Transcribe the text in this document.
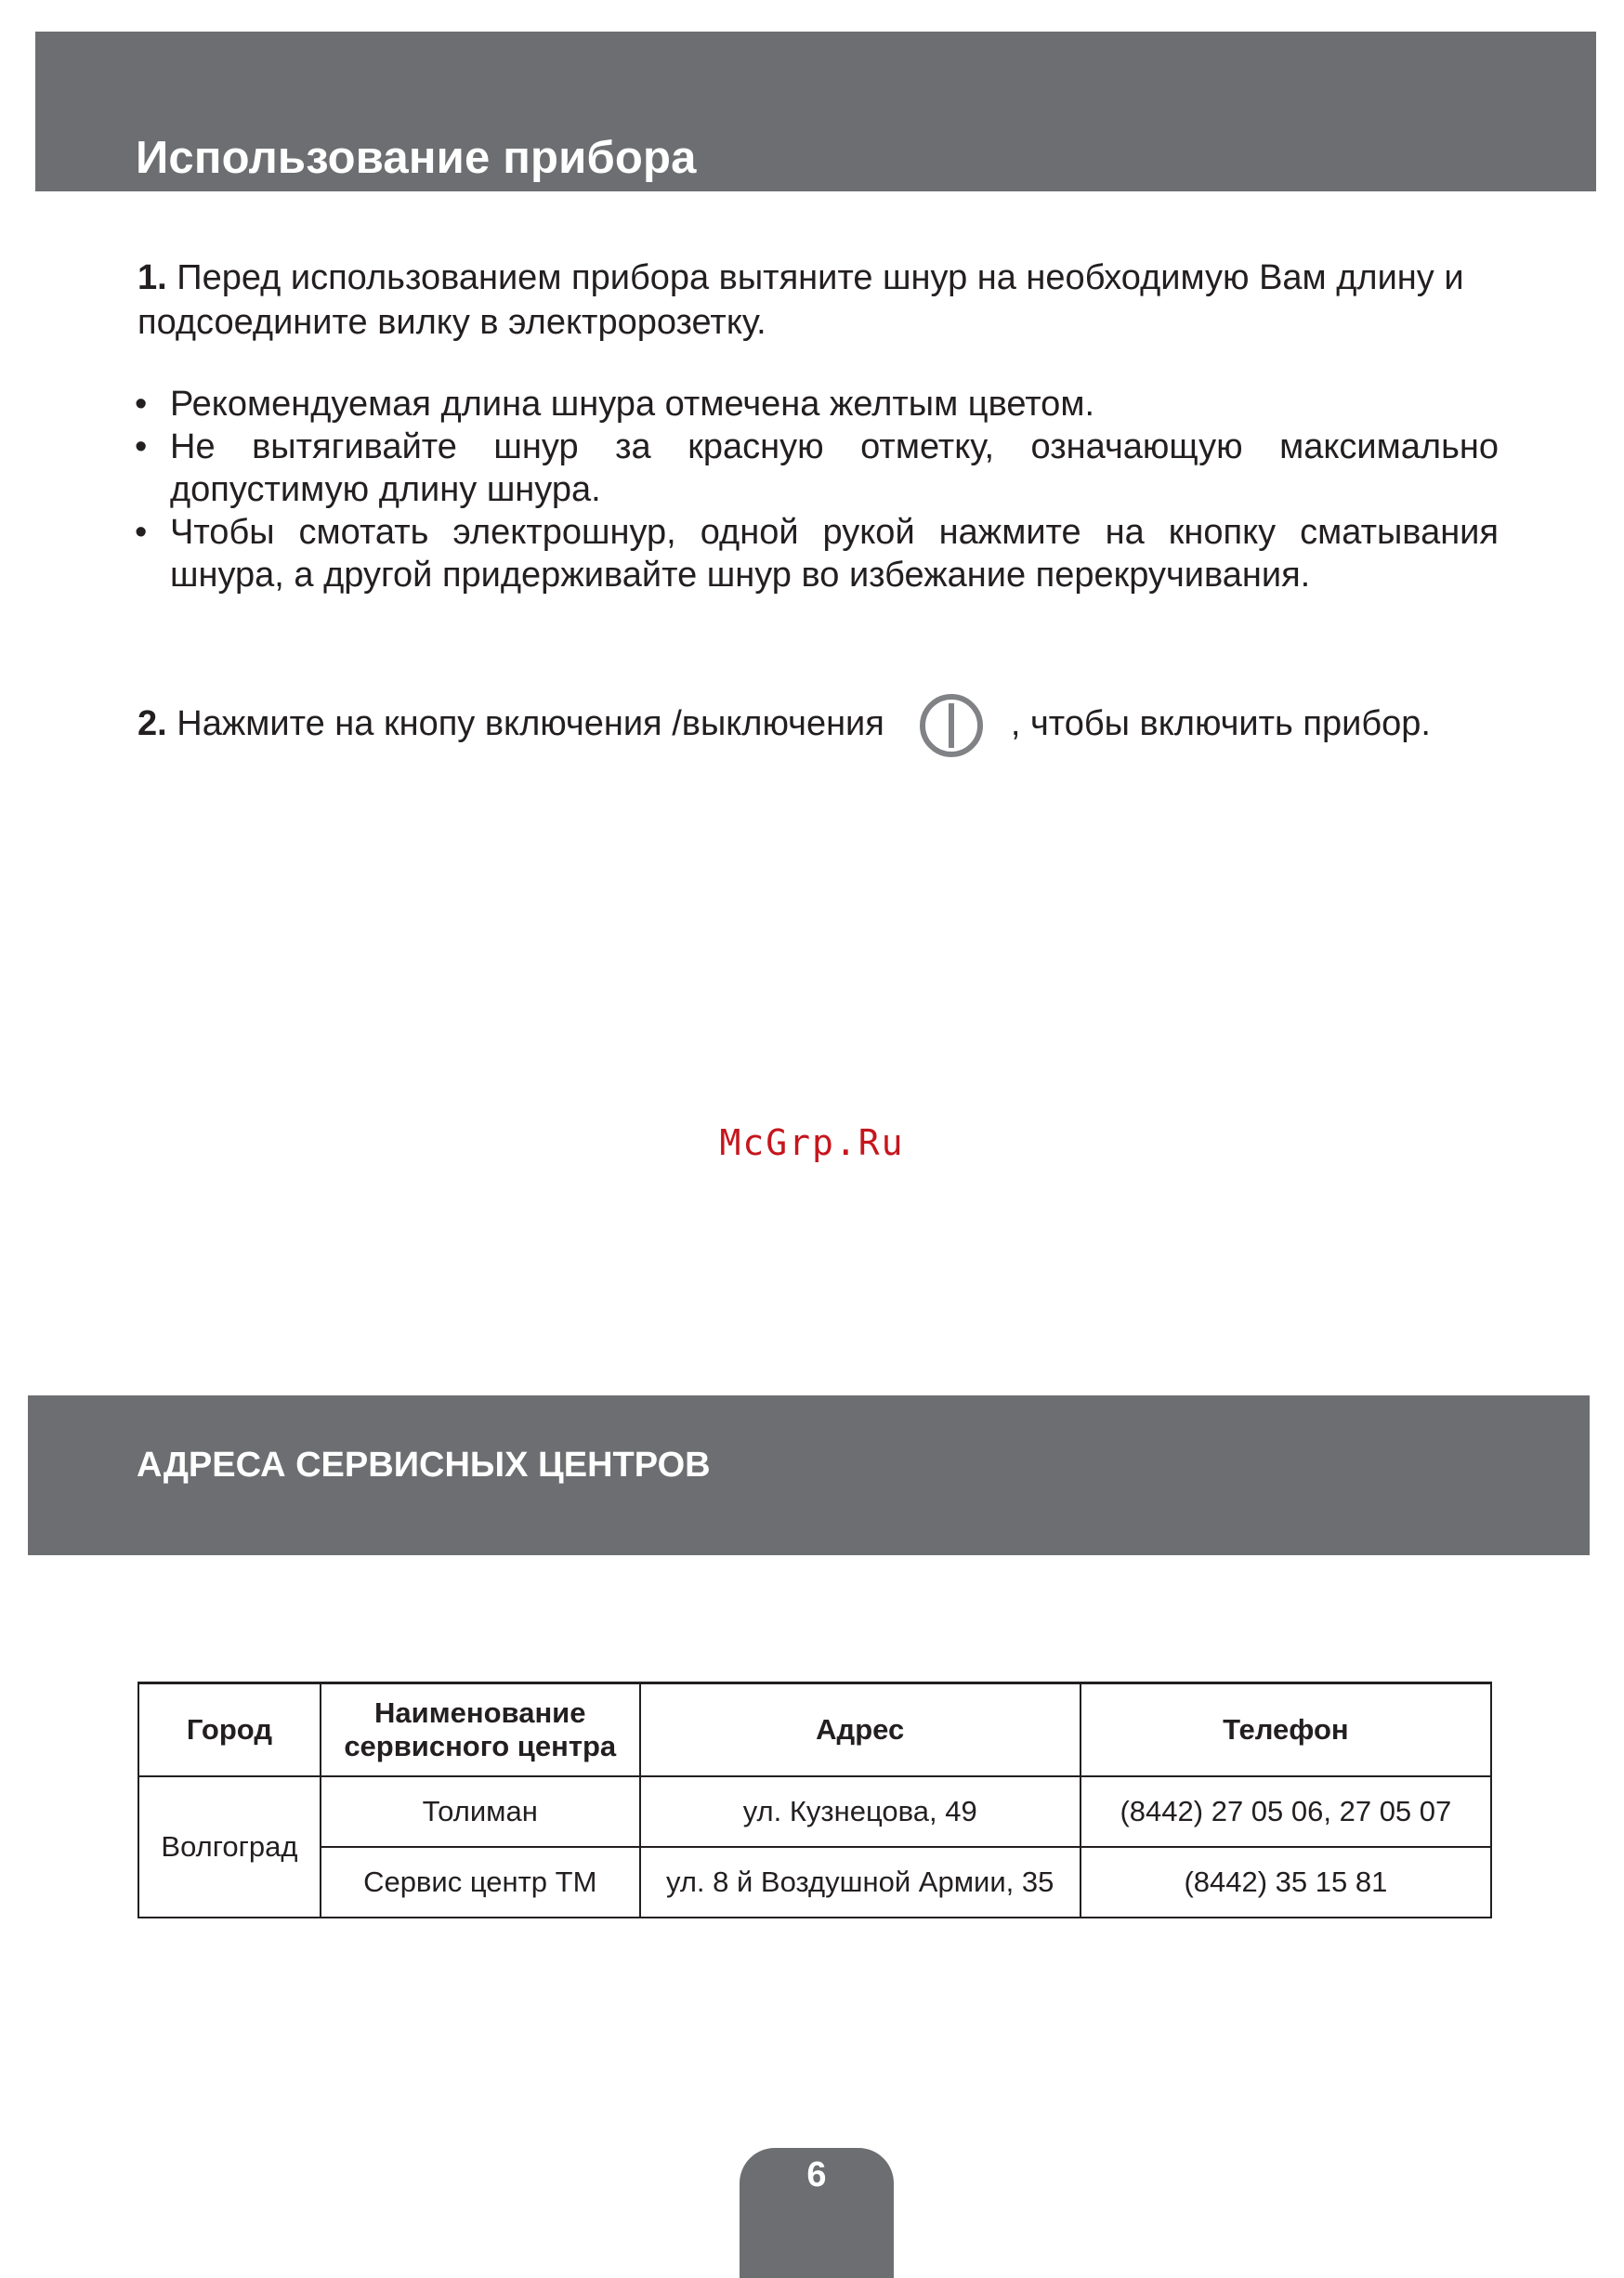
Использование прибора
1. Перед использованием прибора вытяните шнур на необходимую Вам длину и подсоедините вилку в электророзетку.
• Рекомендуемая длина шнура отмечена желтым цветом.
• Не вытягивайте шнур за красную отметку, означающую максимально допустимую длину шнура.
• Чтобы смотать электрошнур, одной рукой нажмите на кнопку сматывания шнура, а другой придерживайте шнур во избежание перекручивания.
2. Нажмите на кнопу включения /выключения	, чтобы включить прибор.
McGrp.Ru
АДРЕСА СЕРВИСНЫХ ЦЕНТРОВ
Город	Наименование сервисного центра	Адрес	Телефон
Волгоград	Толиман	ул. Кузнецова, 49	(8442) 27 05 06, 27 05 07
	Сервис центр ТМ	ул. 8 й Воздушной Армии, 35	(8442) 35 15 81
6
